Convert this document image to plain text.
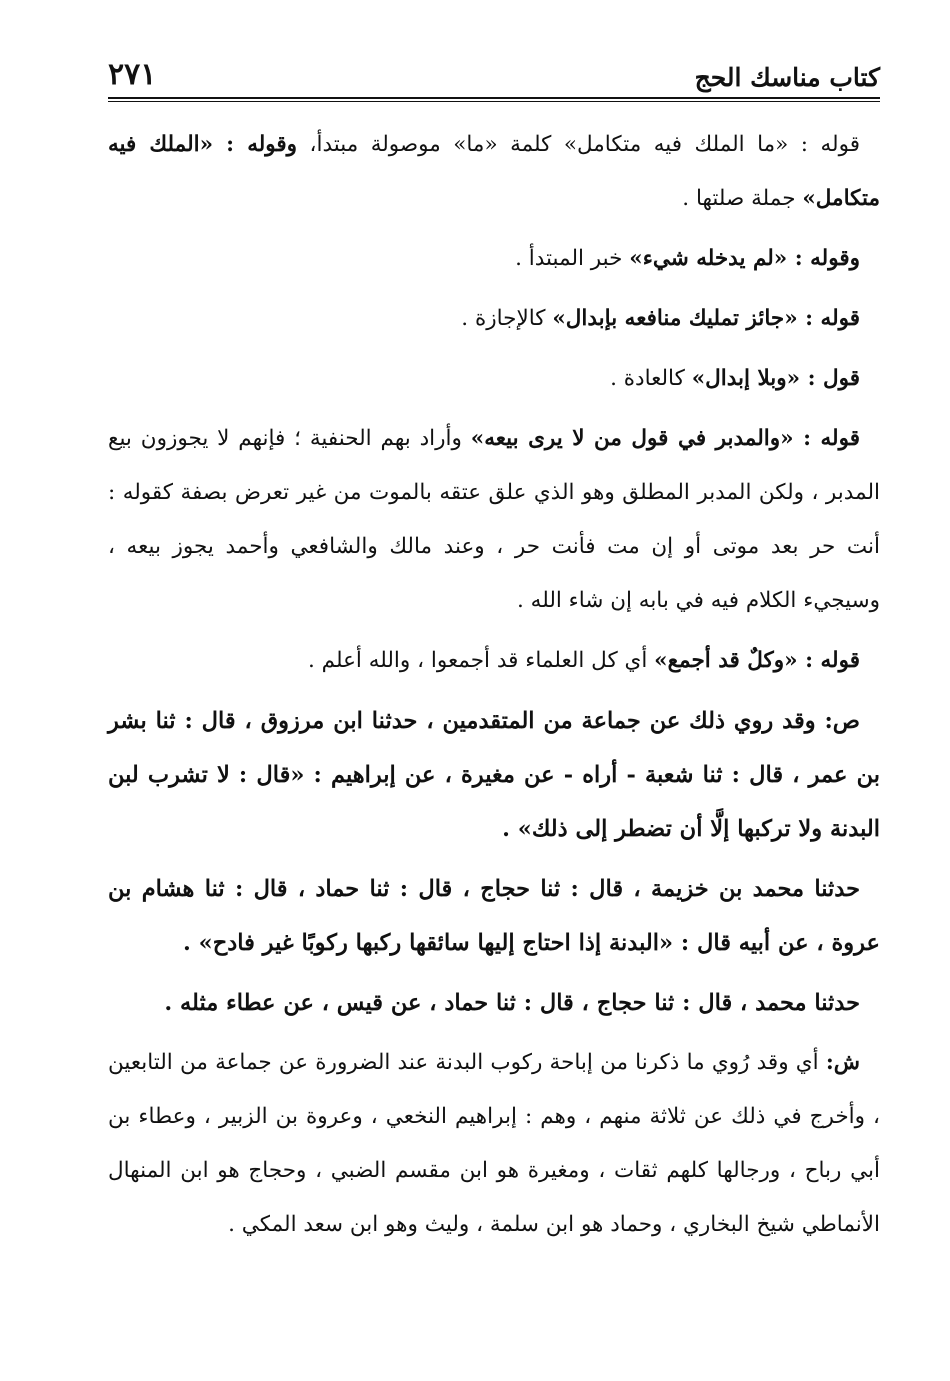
٢٧١	كتاب مناسك الحج

قوله : «ما الملك فيه متكامل» كلمة «ما» موصولة مبتدأ، وقوله : «الملك فيه متكامل» جملة صلتها .

وقوله : «لم يدخله شيء» خبر المبتدأ .

قوله : «جائز تمليك منافعه بإبدال» كالإجازة .

قول : «وبلا إبدال» كالعادة .

قوله : «والمدبر في قول من لا يرى بيعه» وأراد بهم الحنفية ؛ فإنهم لا يجوزون بيع المدبر ، ولكن المدبر المطلق وهو الذي علق عتقه بالموت من غير تعرض بصفة كقوله : أنت حر بعد موتى أو إن مت فأنت حر ، وعند مالك والشافعي وأحمد يجوز بيعه ، وسيجيء الكلام فيه في بابه إن شاء الله .

قوله : «وكلٌ قد أجمع» أي كل العلماء قد أجمعوا ، والله أعلم .

ص: وقد روي ذلك عن جماعة من المتقدمين ، حدثنا ابن مرزوق ، قال : ثنا بشر بن عمر ، قال : ثنا شعبة - أراه - عن مغيرة ، عن إبراهيم : «قال : لا تشرب لبن البدنة ولا تركبها إلَّا أن تضطر إلى ذلك» .

حدثنا محمد بن خزيمة ، قال : ثنا حجاج ، قال : ثنا حماد ، قال : ثنا هشام بن عروة ، عن أبيه قال : «البدنة إذا احتاج إليها سائقها ركبها ركوبًا غير فادح» .

حدثنا محمد ، قال : ثنا حجاج ، قال : ثنا حماد ، عن قيس ، عن عطاء مثله .

ش: أي وقد رُوي ما ذكرنا من إباحة ركوب البدنة عند الضرورة عن جماعة من التابعين ، وأخرج في ذلك عن ثلاثة منهم ، وهم : إبراهيم النخعي ، وعروة بن الزبير ، وعطاء بن أبي رباح ، ورجالها كلهم ثقات ، ومغيرة هو ابن مقسم الضبي ، وحجاج هو ابن المنهال الأنماطي شيخ البخاري ، وحماد هو ابن سلمة ، وليث وهو ابن سعد المكي .
